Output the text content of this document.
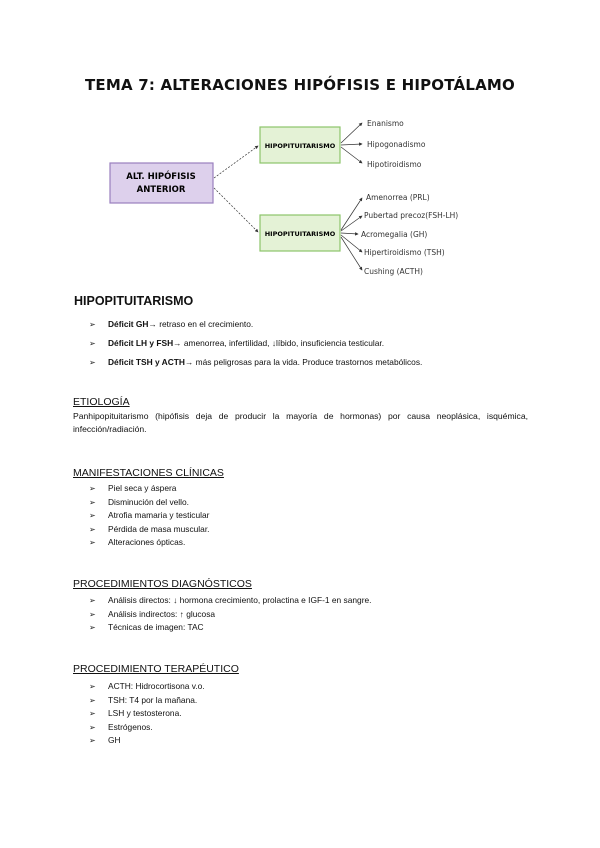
TEMA 7: ALTERACIONES HIPÓFISIS E HIPOTÁLAMO
ALT. HIPÓFISIS
ANTERIOR
HIPOPITUITARISMO
HIPOPITUITARISMO
Enanismo
Hipogonadismo
Hipotiroidismo
Amenorrea (PRL)
Pubertad precoz(FSH-LH)
Acromegalia (GH)
Hipertiroidismo (TSH)
Cushing (ACTH)
HIPOPITUITARISMO
➢ Déficit GH→ retraso en el crecimiento.
➢ Déficit LH y FSH→ amenorrea, infertilidad, ↓líbido, insuficiencia testicular.
➢ Déficit TSH y ACTH→ más peligrosas para la vida. Produce trastornos metabólicos.
ETIOLOGÍA
Panhipopituitarismo (hipófisis deja de producir la mayoría de hormonas) por causa neoplásica, isquémica, infección/radiación.
MANIFESTACIONES CLÍNICAS
➢ Piel seca y áspera
➢ Disminución del vello.
➢ Atrofia mamaria y testicular
➢ Pérdida de masa muscular.
➢ Alteraciones ópticas.
PROCEDIMIENTOS DIAGNÓSTICOS
➢ Análisis directos: ↓ hormona crecimiento, prolactina e IGF-1 en sangre.
➢ Análisis indirectos: ↑ glucosa
➢ Técnicas de imagen: TAC
PROCEDIMIENTO TERAPÉUTICO
➢ ACTH: Hidrocortisona v.o.
➢ TSH: T4 por la mañana.
➢ LSH y testosterona.
➢ Estrógenos.
➢ GH
